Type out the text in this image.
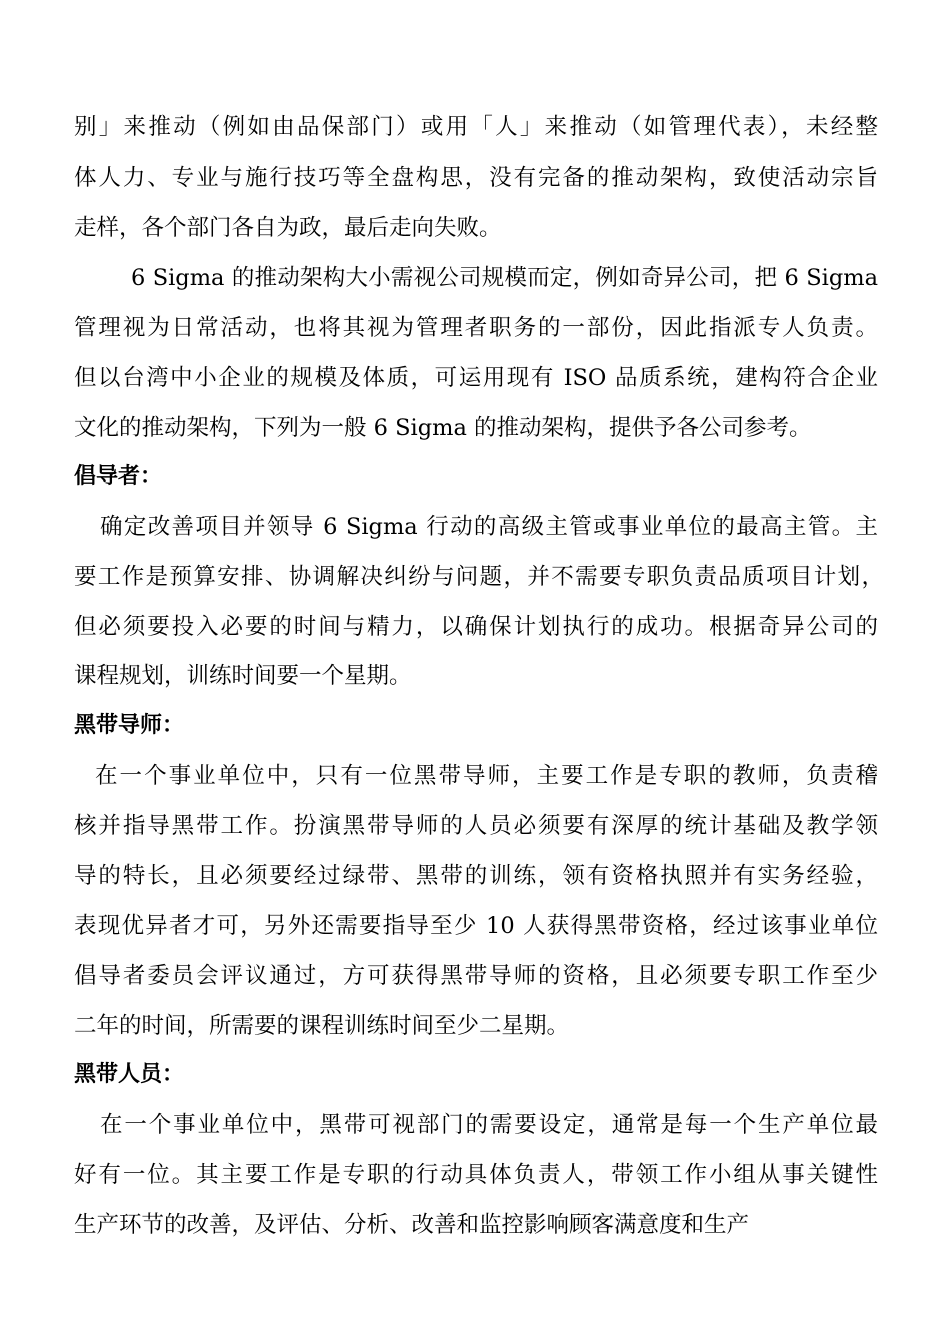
别」来推动（例如由品保部门）或用「人」来推动（如管理代表），未经整
体人力、专业与施行技巧等全盘构思，没有完备的推动架构，致使活动宗旨
走样，各个部门各自为政，最后走向失败。
6 Sigma 的推动架构大小需视公司规模而定，例如奇异公司，把 6 Sigma
管理视为日常活动，也将其视为管理者职务的一部份，因此指派专人负责。
但以台湾中小企业的规模及体质，可运用现有 ISO 品质系统，建构符合企业
文化的推动架构，下列为一般 6 Sigma 的推动架构，提供予各公司参考。
倡导者：
确定改善项目并领导 6 Sigma 行动的高级主管或事业单位的最高主管。主
要工作是预算安排、协调解决纠纷与问题，并不需要专职负责品质项目计划，
但必须要投入必要的时间与精力，以确保计划执行的成功。根据奇异公司的
课程规划，训练时间要一个星期。
黑带导师：
在一个事业单位中，只有一位黑带导师，主要工作是专职的教师，负责稽
核并指导黑带工作。扮演黑带导师的人员必须要有深厚的统计基础及教学领
导的特长，且必须要经过绿带、黑带的训练，领有资格执照并有实务经验，
表现优异者才可，另外还需要指导至少 10 人获得黑带资格，经过该事业单位
倡导者委员会评议通过，方可获得黑带导师的资格，且必须要专职工作至少
二年的时间，所需要的课程训练时间至少二星期。
黑带人员：
在一个事业单位中，黑带可视部门的需要设定，通常是每一个生产单位最
好有一位。其主要工作是专职的行动具体负责人，带领工作小组从事关键性
生产环节的改善，及评估、分析、改善和监控影响顾客满意度和生产
